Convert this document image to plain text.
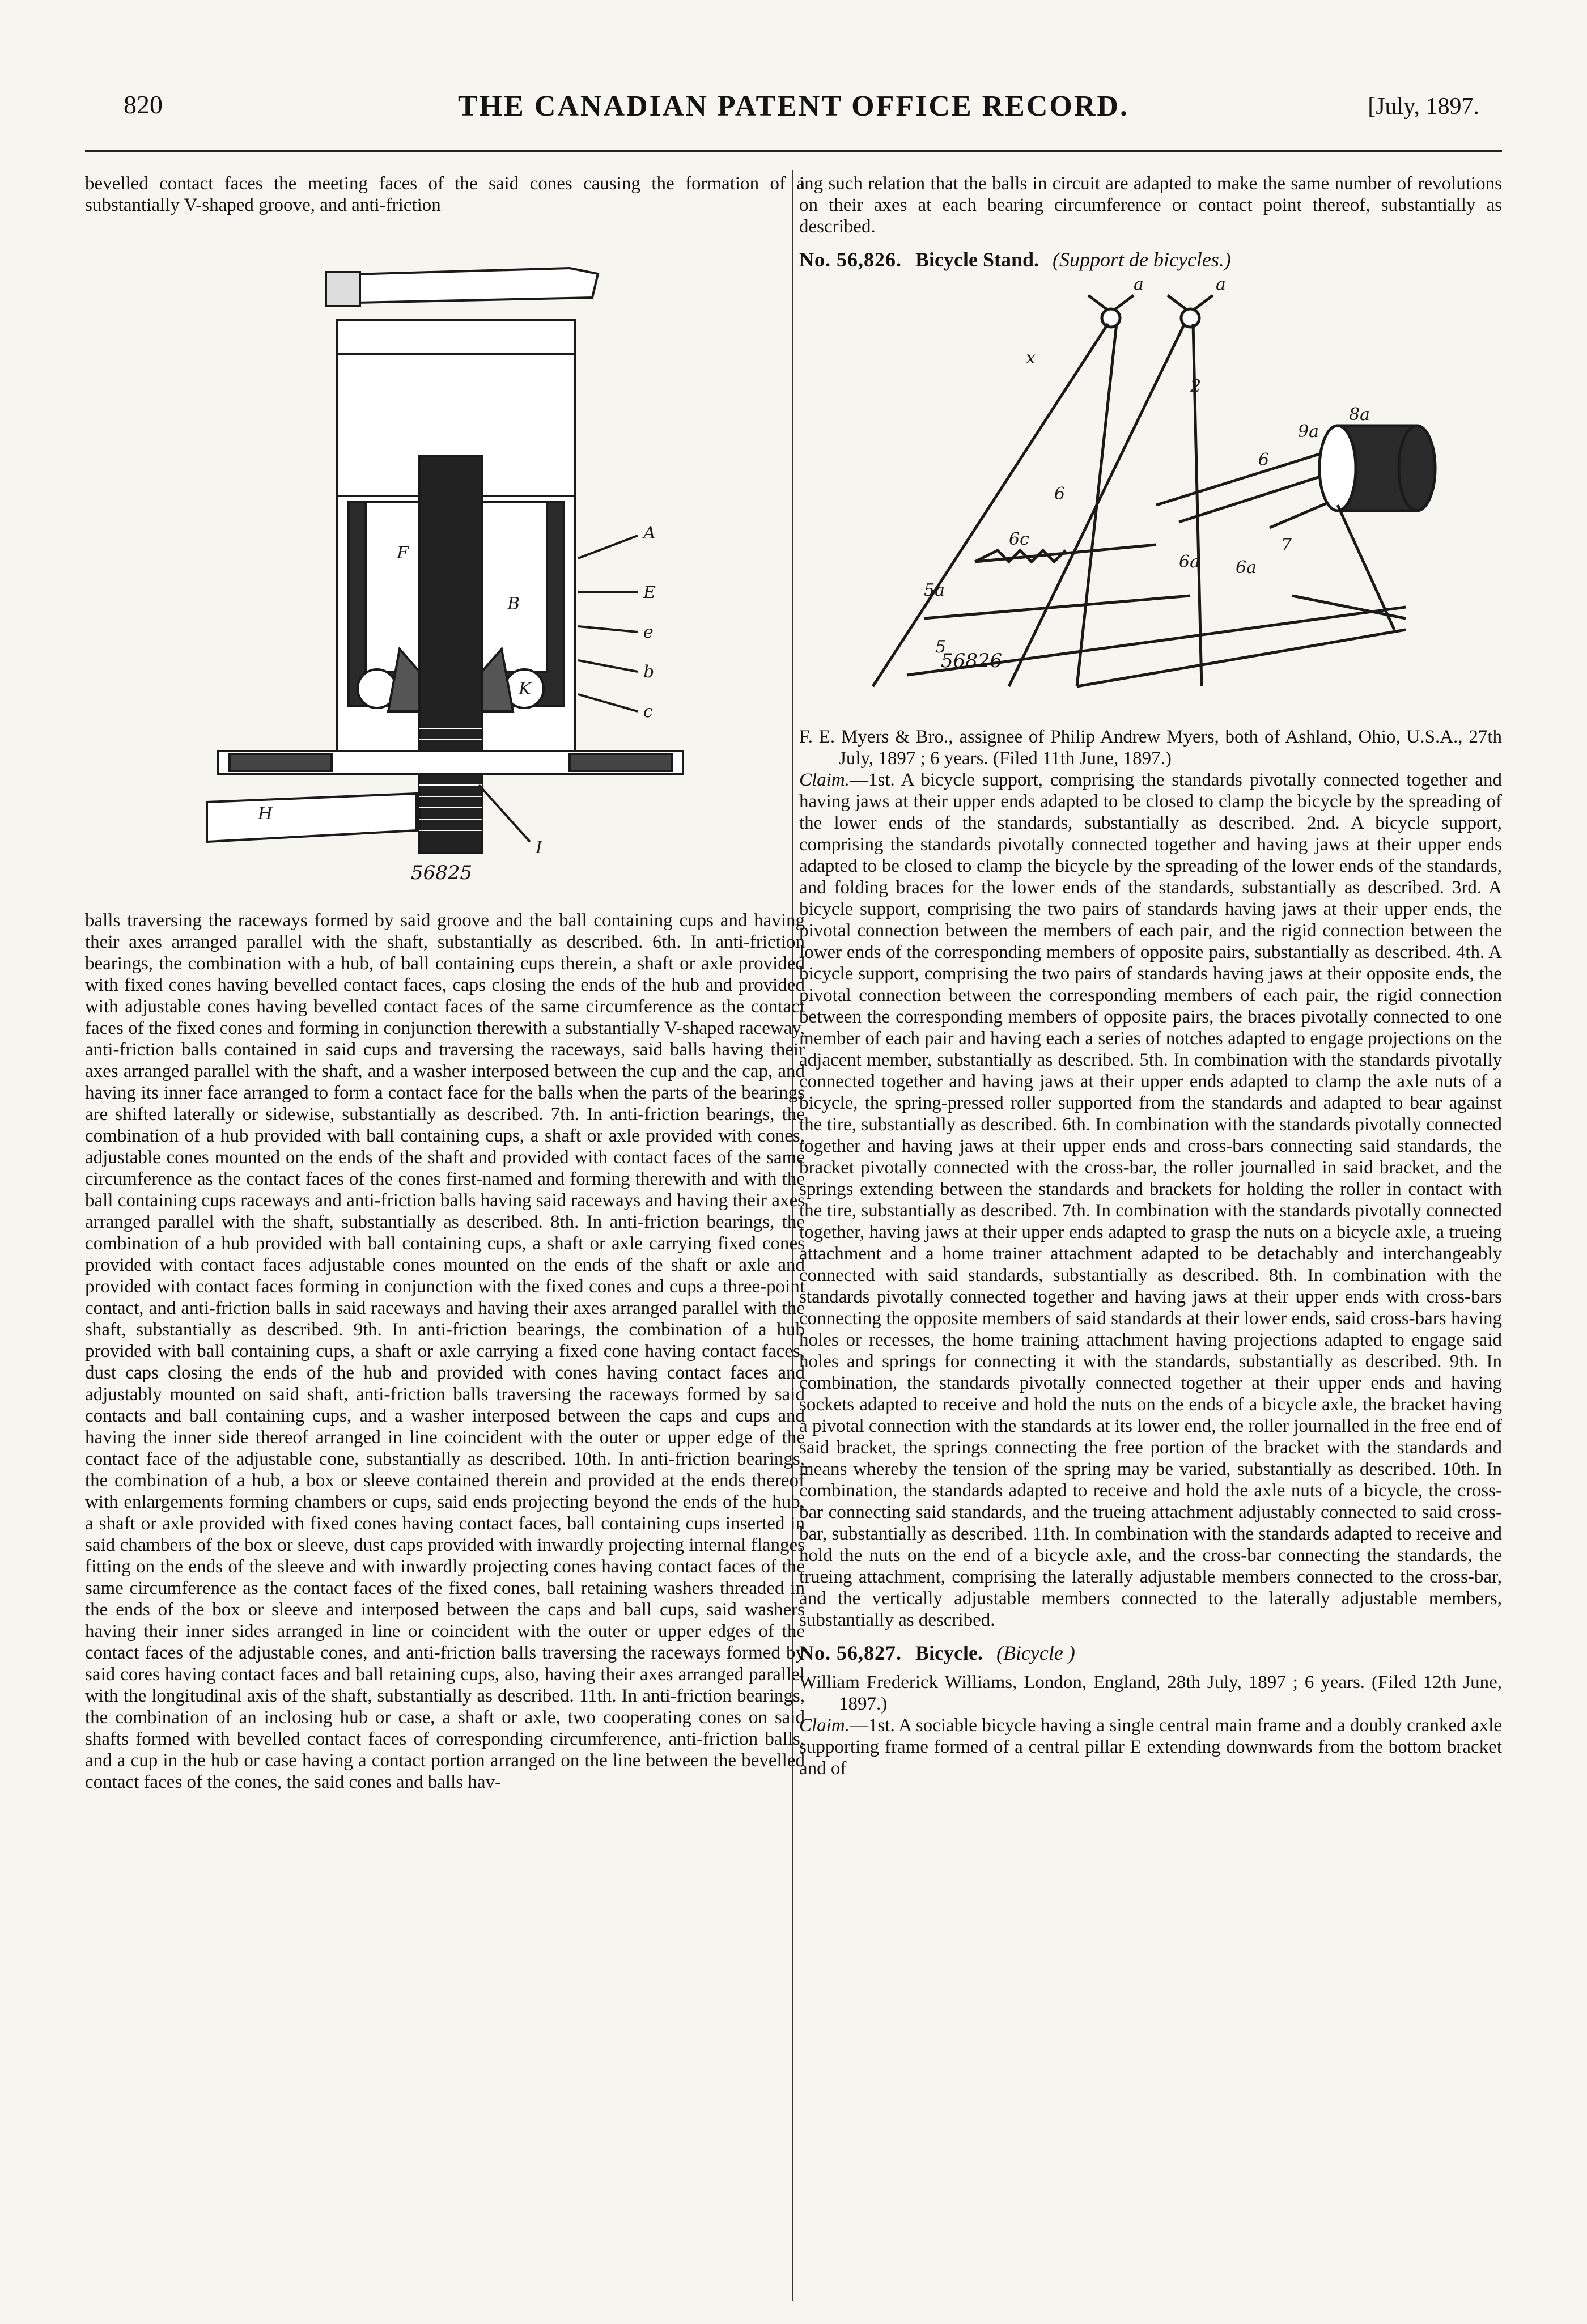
820	THE CANADIAN PATENT OFFICE RECORD.	[July, 1897.

bevelled contact faces the meeting faces of the said cones causing the formation of a substantially V-shaped groove, and anti-friction

A
E
e
b
c
I
B
F
H
K
56825

balls traversing the raceways formed by said groove and the ball containing cups and having their axes arranged parallel with the shaft, substantially as described. 6th. In anti-friction bearings, the combination with a hub, of ball containing cups therein, a shaft or axle provided with fixed cones having bevelled contact faces, caps closing the ends of the hub and provided with adjustable cones having bevelled contact faces of the same circumference as the contact faces of the fixed cones and forming in conjunction therewith a substantially V-shaped raceway, anti-friction balls contained in said cups and traversing the raceways, said balls having their axes arranged parallel with the shaft, and a washer interposed between the cup and the cap, and having its inner face arranged to form a contact face for the balls when the parts of the bearings are shifted laterally or sidewise, substantially as described. 7th. In anti-friction bearings, the combination of a hub provided with ball containing cups, a shaft or axle provided with cones, adjustable cones mounted on the ends of the shaft and provided with contact faces of the same circumference as the contact faces of the cones first-named and forming therewith and with the ball containing cups raceways and anti-friction balls having said raceways and having their axes arranged parallel with the shaft, substantially as described. 8th. In anti-friction bearings, the combination of a hub provided with ball containing cups, a shaft or axle carrying fixed cones provided with contact faces adjustable cones mounted on the ends of the shaft or axle and provided with contact faces forming in conjunction with the fixed cones and cups a three-point contact, and anti-friction balls in said raceways and having their axes arranged parallel with the shaft, substantially as described. 9th. In anti-friction bearings, the combination of a hub provided with ball containing cups, a shaft or axle carrying a fixed cone having contact faces, dust caps closing the ends of the hub and provided with cones having contact faces and adjustably mounted on said shaft, anti-friction balls traversing the raceways formed by said contacts and ball containing cups, and a washer interposed between the caps and cups and having the inner side thereof arranged in line coincident with the outer or upper edge of the contact face of the adjustable cone, substantially as described. 10th. In anti-friction bearings, the combination of a hub, a box or sleeve contained therein and provided at the ends thereof with enlargements forming chambers or cups, said ends projecting beyond the ends of the hub, a shaft or axle provided with fixed cones having contact faces, ball containing cups inserted in said chambers of the box or sleeve, dust caps provided with inwardly projecting internal flanges fitting on the ends of the sleeve and with inwardly projecting cones having contact faces of the same circumference as the contact faces of the fixed cones, ball retaining washers threaded in the ends of the box or sleeve and interposed between the caps and ball cups, said washers having their inner sides arranged in line or coincident with the outer or upper edges of the contact faces of the adjustable cones, and anti-friction balls traversing the raceways formed by said cores having contact faces and ball retaining cups, also, having their axes arranged parallel with the longitudinal axis of the shaft, substantially as described. 11th. In anti-friction bearings, the combination of an inclosing hub or case, a shaft or axle, two cooperating cones on said shafts formed with bevelled contact faces of corresponding circumference, anti-friction balls, and a cup in the hub or case having a contact portion arranged on the line between the bevelled contact faces of the cones, the said cones and balls hav-

ing such relation that the balls in circuit are adapted to make the same number of revolutions on their axes at each bearing circumference or contact point thereof, substantially as described.

No. 56,826. Bicycle Stand. (Support de bicycles.)
a	a
x
2
9a
6
6
6c
5a
5
7
8a
6a 6a
56826

F. E. Myers & Bro., assignee of Philip Andrew Myers, both of Ashland, Ohio, U.S.A., 27th July, 1897 ; 6 years. (Filed 11th June, 1897.)

Claim.—1st. A bicycle support, comprising the standards pivotally connected together and having jaws at their upper ends adapted to be closed to clamp the bicycle by the spreading of the lower ends of the standards, substantially as described. 2nd. A bicycle support, comprising the standards pivotally connected together and having jaws at their upper ends adapted to be closed to clamp the bicycle by the spreading of the lower ends of the standards, and folding braces for the lower ends of the standards, substantially as described. 3rd. A bicycle support, comprising the two pairs of standards having jaws at their upper ends, the pivotal connection between the members of each pair, and the rigid connection between the lower ends of the corresponding members of opposite pairs, substantially as described. 4th. A bicycle support, comprising the two pairs of standards having jaws at their opposite ends, the pivotal connection between the corresponding members of each pair, the rigid connection between the corresponding members of opposite pairs, the braces pivotally connected to one member of each pair and having each a series of notches adapted to engage projections on the adjacent member, substantially as described. 5th. In combination with the standards pivotally connected together and having jaws at their upper ends adapted to clamp the axle nuts of a bicycle, the spring-pressed roller supported from the standards and adapted to bear against the tire, substantially as described. 6th. In combination with the standards pivotally connected together and having jaws at their upper ends and cross-bars connecting said standards, the bracket pivotally connected with the cross-bar, the roller journalled in said bracket, and the springs extending between the standards and brackets for holding the roller in contact with the tire, substantially as described. 7th. In combination with the standards pivotally connected together, having jaws at their upper ends adapted to grasp the nuts on a bicycle axle, a trueing attachment and a home trainer attachment adapted to be detachably and interchangeably connected with said standards, substantially as described. 8th. In combination with the standards pivotally connected together and having jaws at their upper ends with cross-bars connecting the opposite members of said standards at their lower ends, said cross-bars having holes or recesses, the home training attachment having projections adapted to engage said holes and springs for connecting it with the standards, substantially as described. 9th. In combination, the standards pivotally connected together at their upper ends and having sockets adapted to receive and hold the nuts on the ends of a bicycle axle, the bracket having a pivotal connection with the standards at its lower end, the roller journalled in the free end of said bracket, the springs connecting the free portion of the bracket with the standards and means whereby the tension of the spring may be varied, substantially as described. 10th. In combination, the standards adapted to receive and hold the axle nuts of a bicycle, the cross-bar connecting said standards, and the trueing attachment adjustably connected to said cross-bar, substantially as described. 11th. In combination with the standards adapted to receive and hold the nuts on the end of a bicycle axle, and the cross-bar connecting the standards, the trueing attachment, comprising the laterally adjustable members connected to the cross-bar, and the vertically adjustable members connected to the laterally adjustable members, substantially as described.

No. 56,827. Bicycle. (Bicycle )

William Frederick Williams, London, England, 28th July, 1897 ; 6 years. (Filed 12th June, 1897.)

Claim.—1st. A sociable bicycle having a single central main frame and a doubly cranked axle supporting frame formed of a central pillar E extending downwards from the bottom bracket and of
